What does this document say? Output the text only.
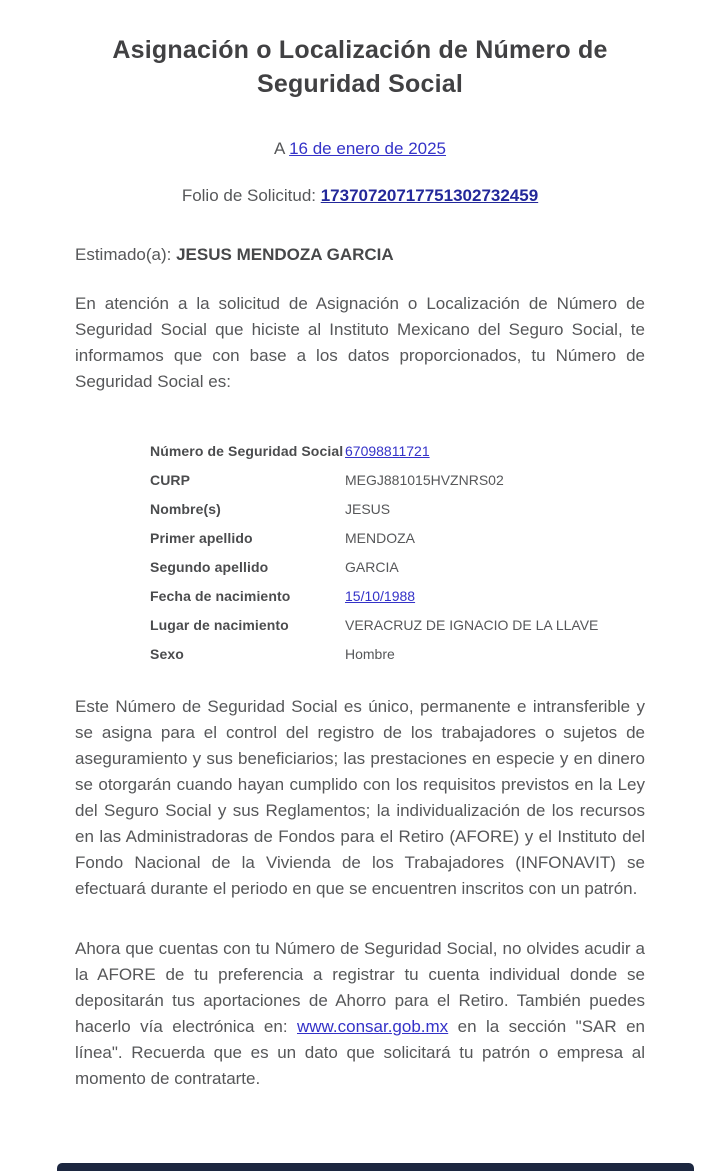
Asignación o Localización de Número de Seguridad Social

A 16 de enero de 2025

Folio de Solicitud: 17370720717751302732459

Estimado(a): JESUS MENDOZA GARCIA

En atención a la solicitud de Asignación o Localización de Número de Seguridad Social que hiciste al Instituto Mexicano del Seguro Social, te informamos que con base a los datos proporcionados, tu Número de Seguridad Social es:

Número de Seguridad Social 67098811721
CURP	MEGJ881015HVZNRS02
Nombre(s)	JESUS
Primer apellido	MENDOZA
Segundo apellido	GARCIA
Fecha de nacimiento	15/10/1988
Lugar de nacimiento	VERACRUZ DE IGNACIO DE LA LLAVE
Sexo	Hombre

Este Número de Seguridad Social es único, permanente e intransferible y se asigna para el control del registro de los trabajadores o sujetos de aseguramiento y sus beneficiarios; las prestaciones en especie y en dinero se otorgarán cuando hayan cumplido con los requisitos previstos en la Ley del Seguro Social y sus Reglamentos; la individualización de los recursos en las Administradoras de Fondos para el Retiro (AFORE) y el Instituto del Fondo Nacional de la Vivienda de los Trabajadores (INFONAVIT) se efectuará durante el periodo en que se encuentren inscritos con un patrón.

Ahora que cuentas con tu Número de Seguridad Social, no olvides acudir a la AFORE de tu preferencia a registrar tu cuenta individual donde se depositarán tus aportaciones de Ahorro para el Retiro. También puedes hacerlo vía electrónica en: www.consar.gob.mx en la sección "SAR en línea". Recuerda que es un dato que solicitará tu patrón o empresa al momento de contratarte.
